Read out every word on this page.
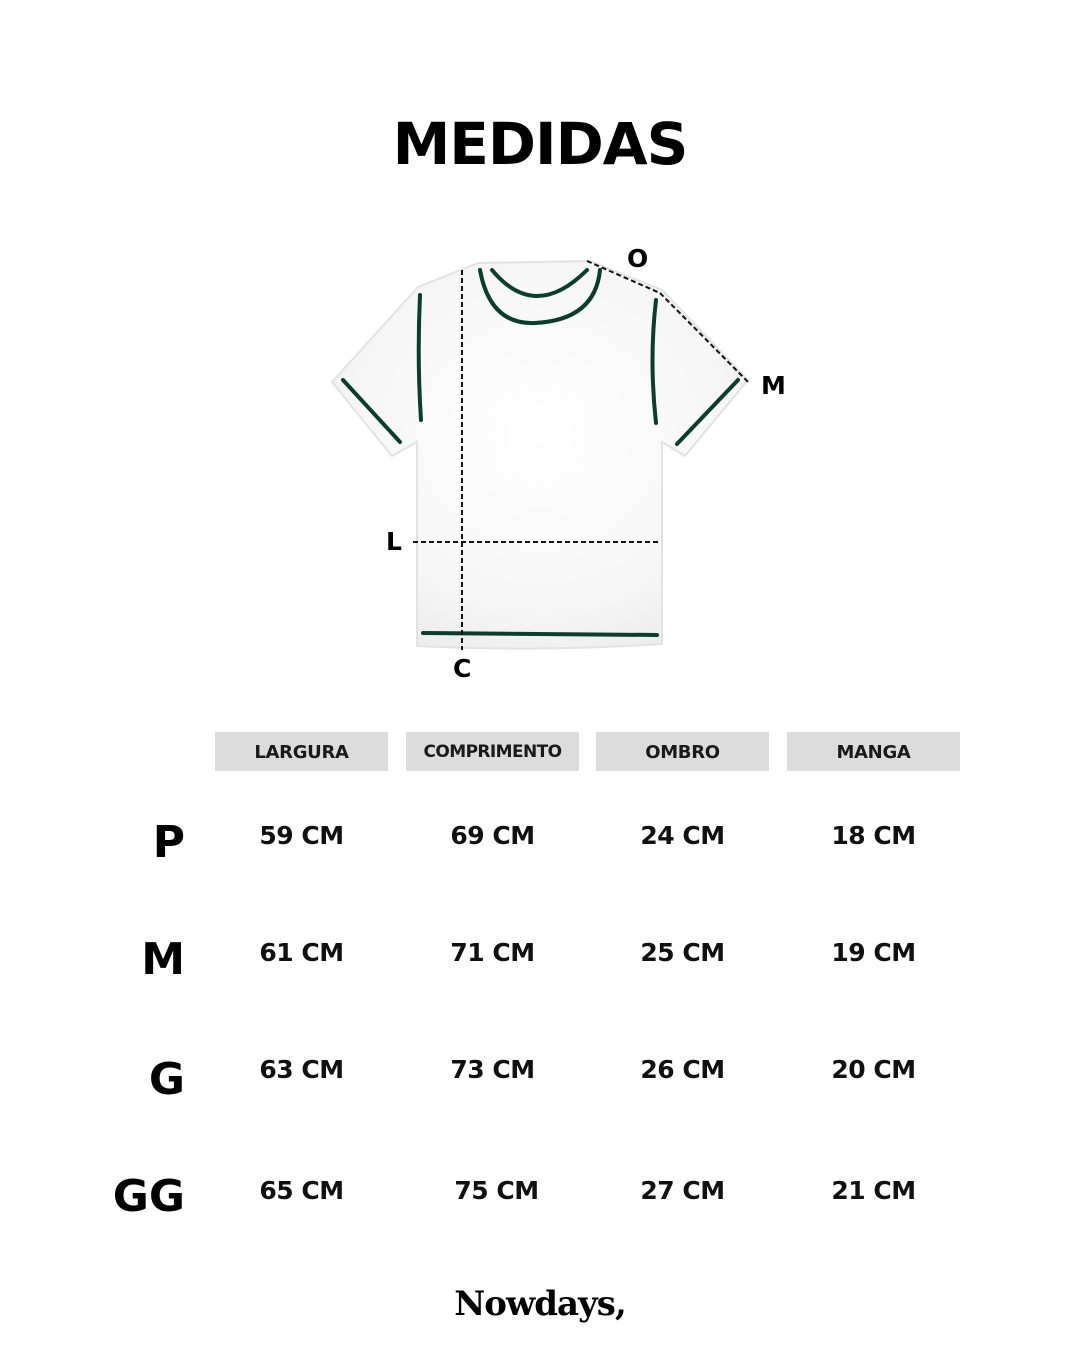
MEDIDAS
O
M
L
C
LARGURA	COMPRIMENTO	OMBRO	MANGA
P	59 CM	69 CM	24 CM	18 CM
M	61 CM	71 CM	25 CM	19 CM
G	63 CM	73 CM	26 CM	20 CM
GG	65 CM	75 CM	27 CM	21 CM
Nowdays,
